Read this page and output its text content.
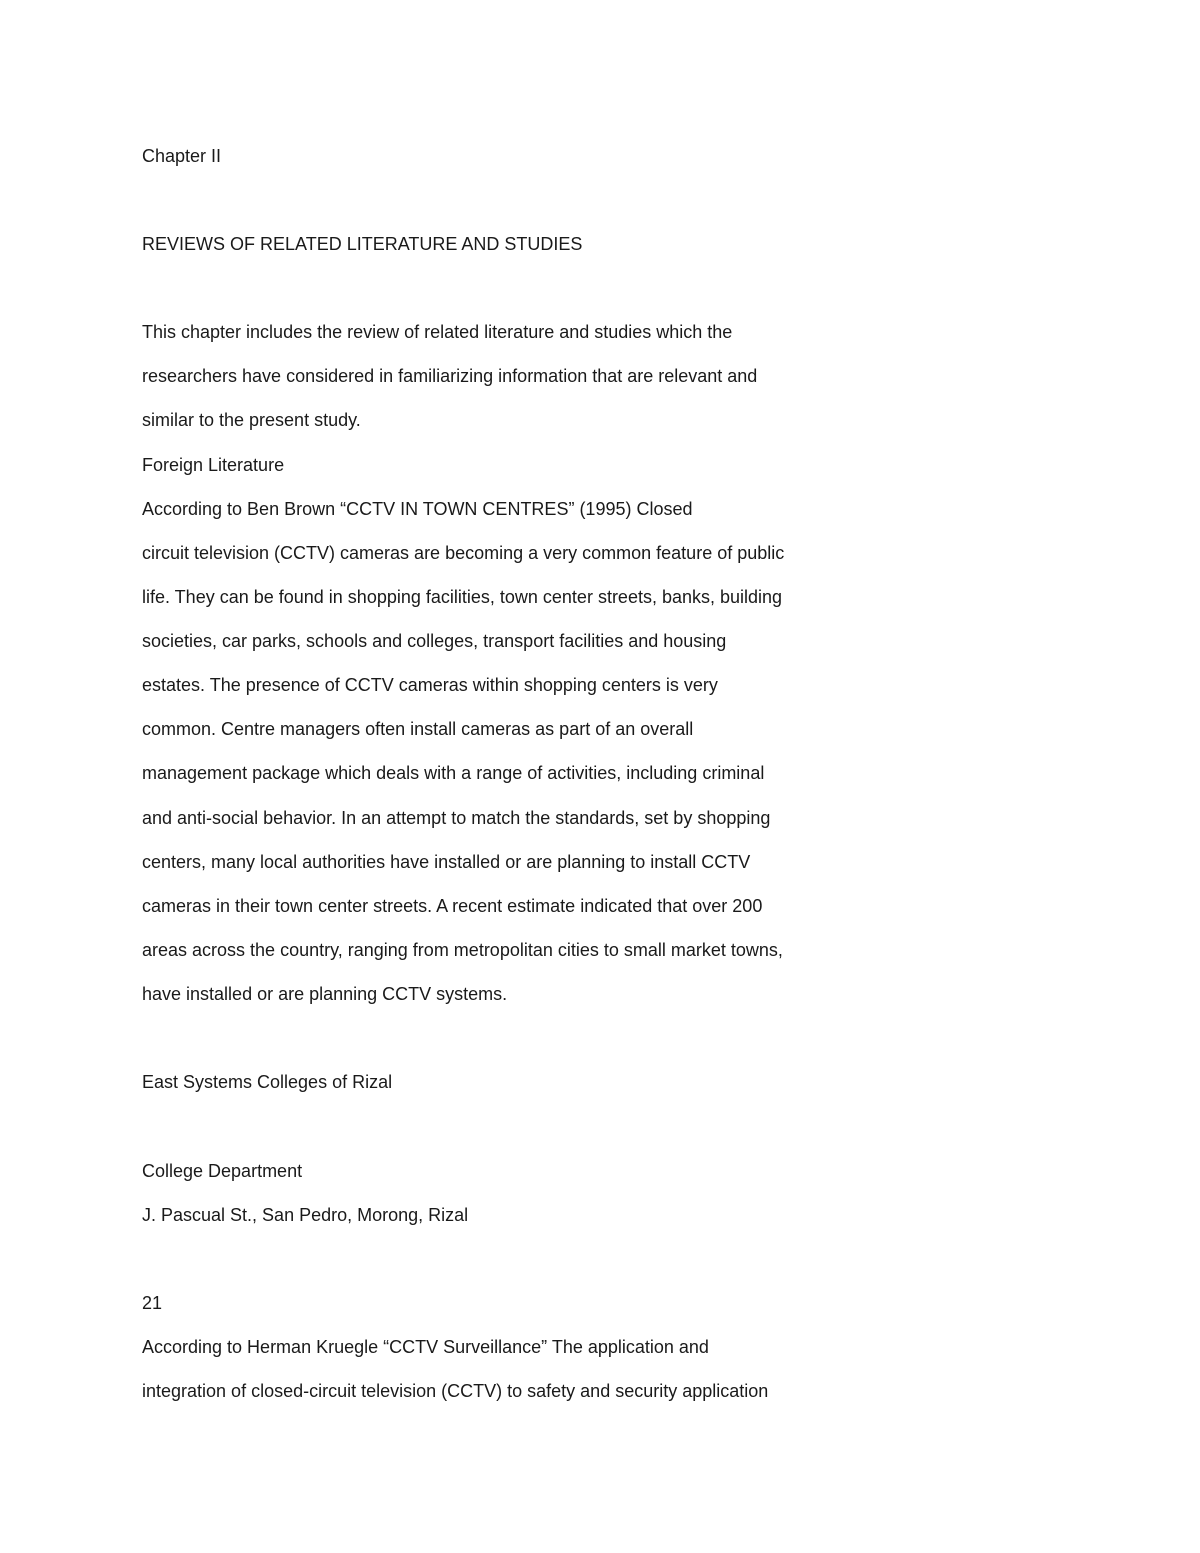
Chapter II

REVIEWS OF RELATED LITERATURE AND STUDIES

This chapter includes the review of related literature and studies which the

researchers have considered in familiarizing information that are relevant and

similar to the present study.

Foreign Literature

According to Ben Brown “CCTV IN TOWN CENTRES” (1995) Closed

circuit television (CCTV) cameras are becoming a very common feature of public

life. They can be found in shopping facilities, town center streets, banks, building

societies, car parks, schools and colleges, transport facilities and housing

estates. The presence of CCTV cameras within shopping centers is very

common. Centre managers often install cameras as part of an overall

management package which deals with a range of activities, including criminal

and anti-social behavior. In an attempt to match the standards, set by shopping

centers, many local authorities have installed or are planning to install CCTV

cameras in their town center streets. A recent estimate indicated that over 200

areas across the country, ranging from metropolitan cities to small market towns,

have installed or are planning CCTV systems.

East Systems Colleges of Rizal

College Department

J. Pascual St., San Pedro, Morong, Rizal

21

According to Herman Kruegle “CCTV Surveillance” The application and

integration of closed-circuit television (CCTV) to safety and security application
